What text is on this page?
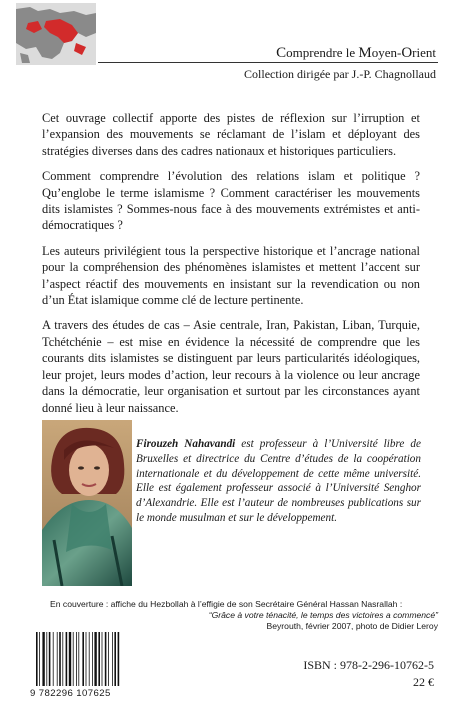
Comprendre le Moyen-Orient
Collection dirigée par J.-P. Chagnollaud

Cet ouvrage collectif apporte des pistes de réflexion sur l’irruption et l’expansion des mouvements se réclamant de l’islam et déployant des stratégies diverses dans des cadres nationaux et historiques particuliers.

Comment comprendre l’évolution des relations islam et politique ? Qu’englobe le terme islamisme ? Comment caractériser les mouvements dits islamistes ? Sommes-nous face à des mouvements extrémistes et anti-démocratiques ?

Les auteurs privilégient tous la perspective historique et l’ancrage national pour la compréhension des phénomènes islamistes et mettent l’accent sur l’aspect réactif des mouvements en insistant sur la revendication ou non d’un État islamique comme clé de lecture pertinente.

A travers des études de cas – Asie centrale, Iran, Pakistan, Liban, Turquie, Tchétchénie – est mise en évidence la nécessité de comprendre que les courants dits islamistes se distinguent par leurs particularités idéologiques, leur projet, leurs modes d’action, leur recours à la violence ou leur ancrage dans la démocratie, leur organisation et surtout par les circonstances ayant donné lieu à leur naissance.

Firouzeh Nahavandi est professeur à l’Université libre de Bruxelles et directrice du Centre d’études de la coopération internationale et du développement de cette même université. Elle est également professeur associé à l’Université Senghor d’Alexandrie. Elle est l’auteur de nombreuses publications sur le monde musulman et sur le développement.
En couverture : affiche du Hezbollah à l’effigie de son Secrétaire Général Hassan Nasrallah :
“Grâce à votre ténacité, le temps des victoires a commencé”
Beyrouth, février 2007, photo de Didier Leroy
9 782296 107625
ISBN : 978-2-296-10762-5
22 €
